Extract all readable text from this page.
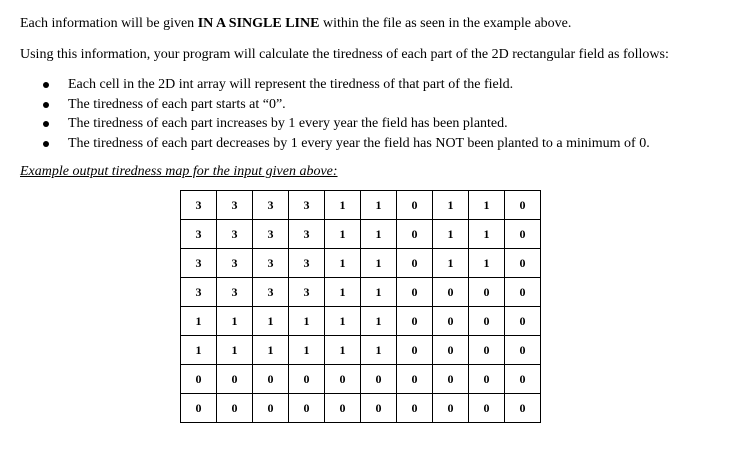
Each information will be given IN A SINGLE LINE within the file as seen in the example above.

Using this information, your program will calculate the tiredness of each part of the 2D rectangular field as follows:

Each cell in the 2D int array will represent the tiredness of that part of the field.
The tiredness of each part starts at “0”.
The tiredness of each part increases by 1 every year the field has been planted.
The tiredness of each part decreases by 1 every year the field has NOT been planted to a minimum of 0.

Example output tiredness map for the input given above:

3	3	3	3	1	1	0	1	1	0
3	3	3	3	1	1	0	1	1	0
3	3	3	3	1	1	0	1	1	0
3	3	3	3	1	1	0	0	0	0
1	1	1	1	1	1	0	0	0	0
1	1	1	1	1	1	0	0	0	0
0	0	0	0	0	0	0	0	0	0
0	0	0	0	0	0	0	0	0	0
